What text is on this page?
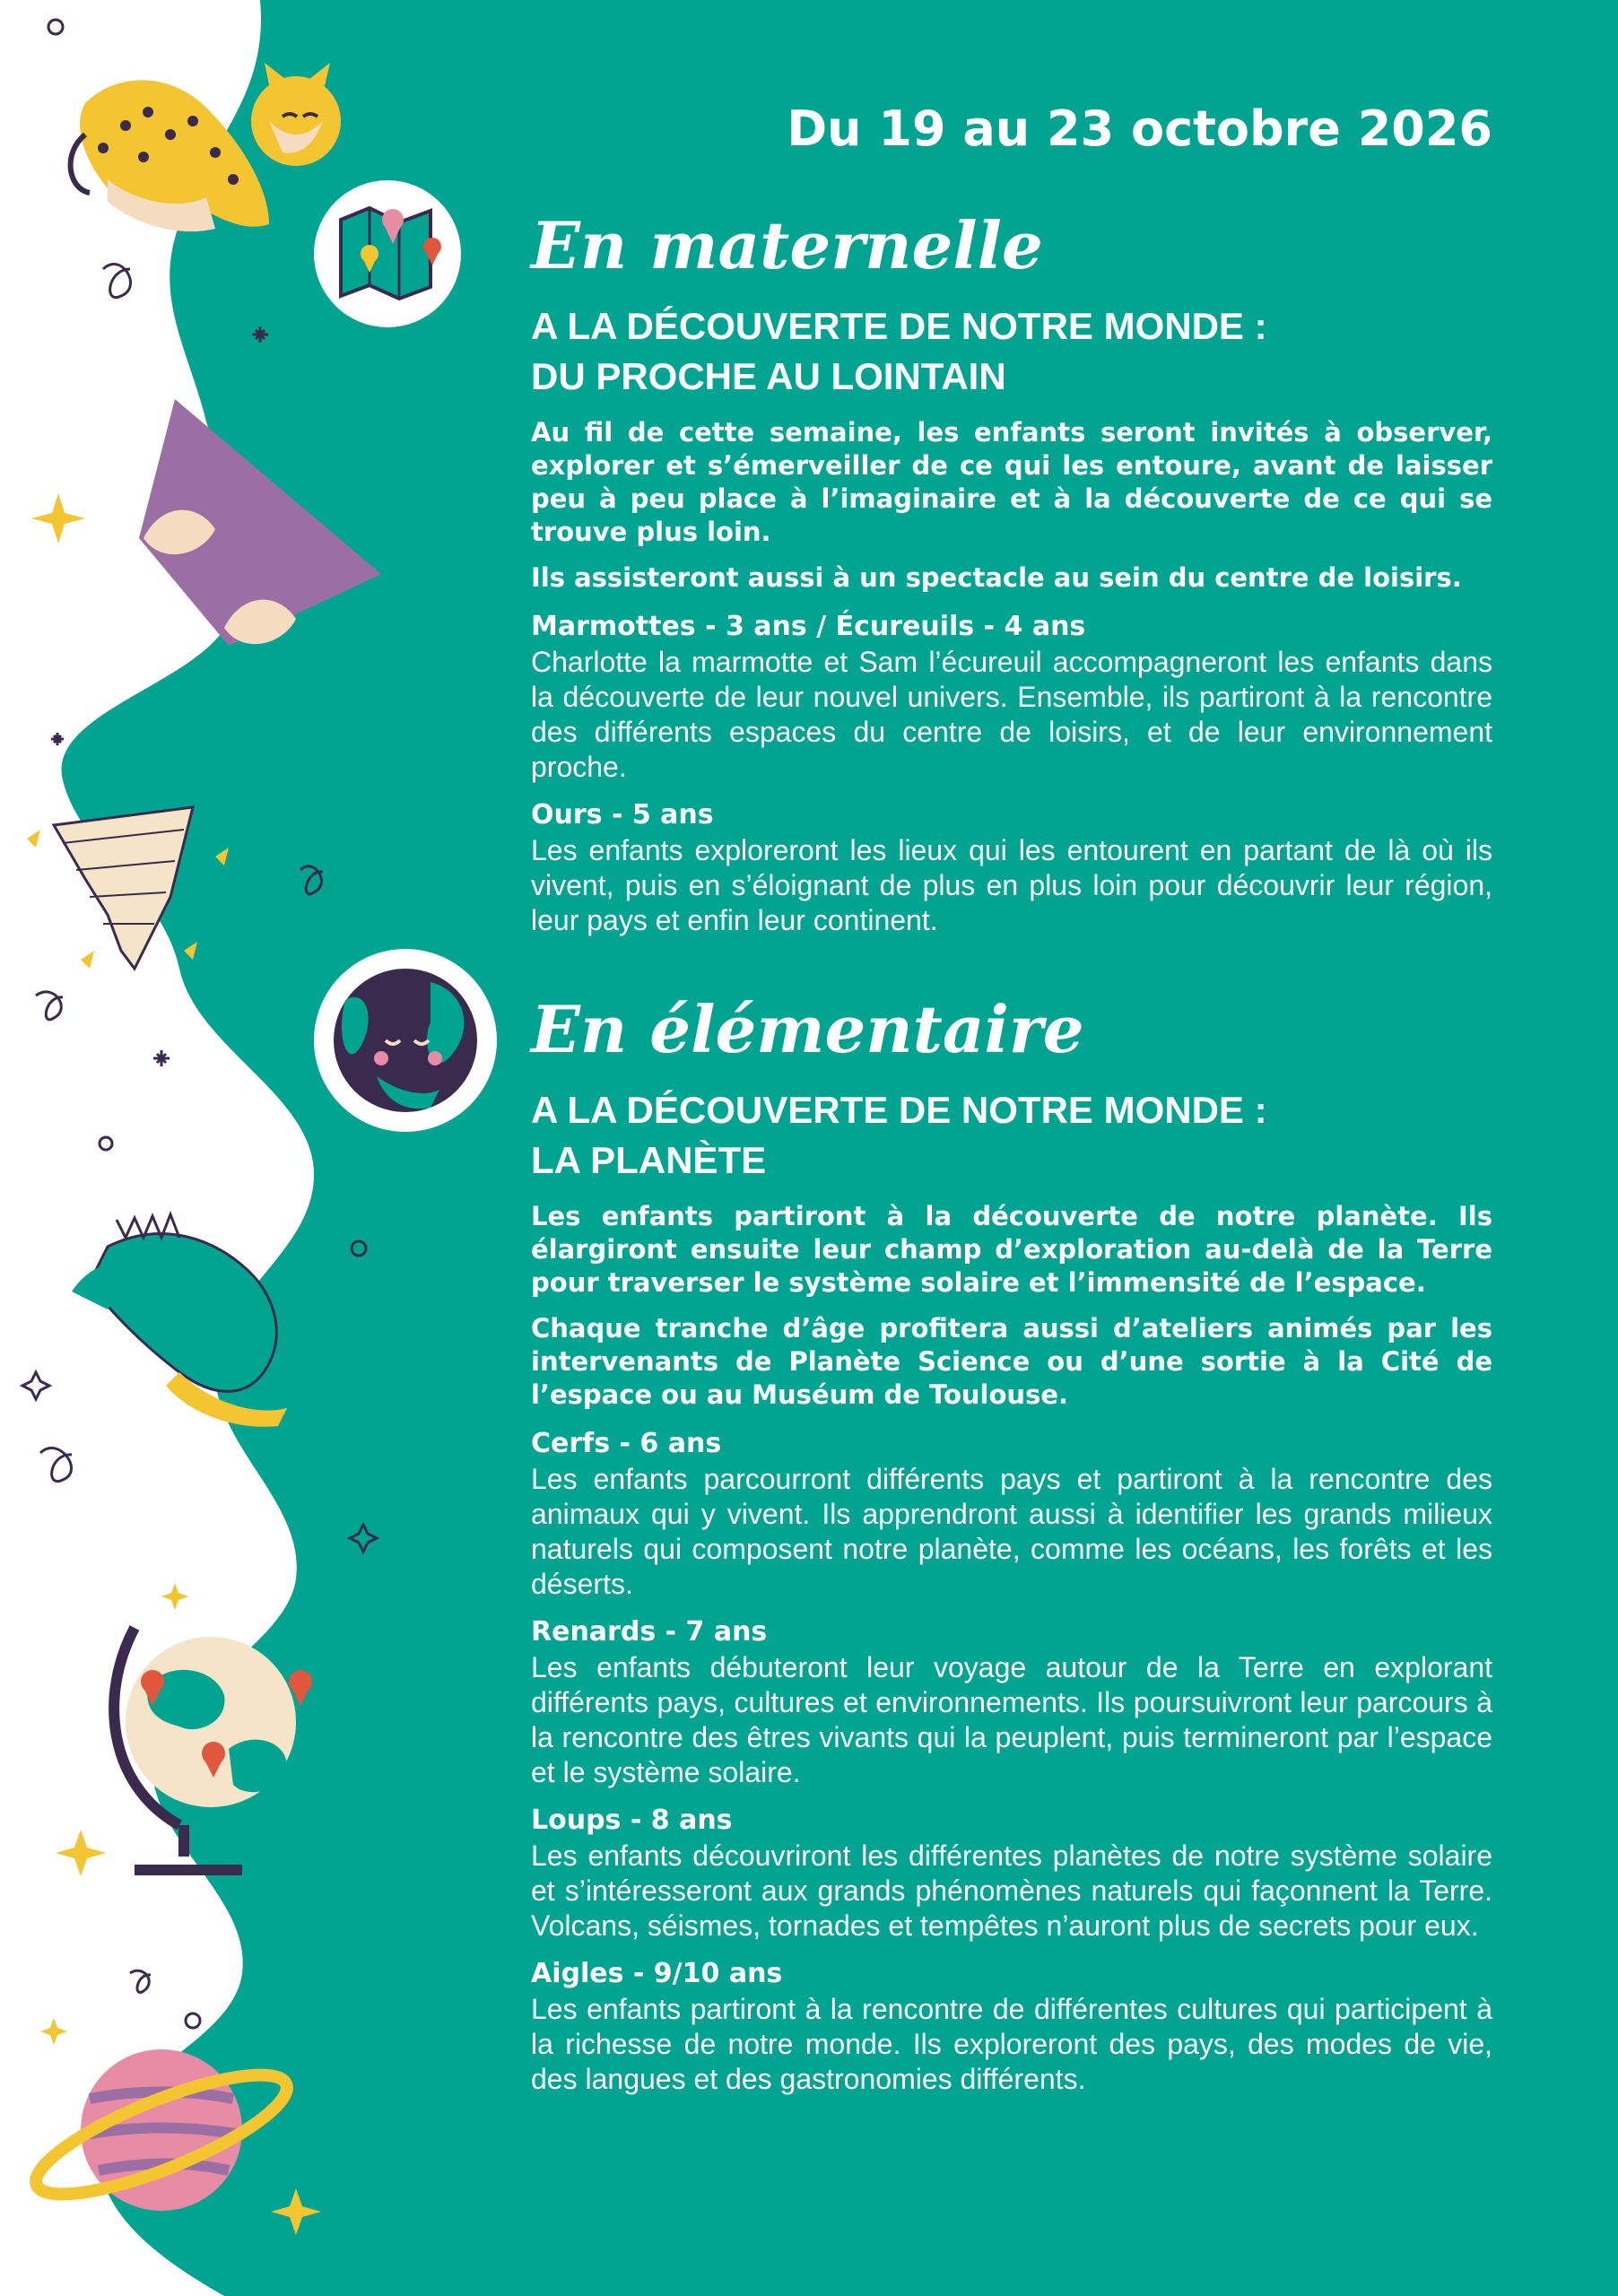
Du 19 au 23 octobre 2026
En maternelle
A LA DÉCOUVERTE DE NOTRE MONDE :
DU PROCHE AU LOINTAIN

Au fil de cette semaine, les enfants seront invités à observer, explorer et s’émerveiller de ce qui les entoure, avant de laisser peu à peu place à l’imaginaire et à la découverte de ce qui se trouve plus loin.

Ils assisteront aussi à un spectacle au sein du centre de loisirs.

Marmottes - 3 ans / Écureuils - 4 ans

Charlotte la marmotte et Sam l’écureuil accompagneront les enfants dans la découverte de leur nouvel univers. Ensemble, ils partiront à la rencontre des différents espaces du centre de loisirs, et de leur environnement proche.

Ours - 5 ans

Les enfants exploreront les lieux qui les entourent en partant de là où ils vivent, puis en s’éloignant de plus en plus loin pour découvrir leur région, leur pays et enfin leur continent.

En élémentaire
A LA DÉCOUVERTE DE NOTRE MONDE :
LA PLANÈTE

Les enfants partiront à la découverte de notre planète. Ils élargiront ensuite leur champ d’exploration au-delà de la Terre pour traverser le système solaire et l’immensité de l’espace.

Chaque tranche d’âge profitera aussi d’ateliers animés par les intervenants de Planète Science ou d’une sortie à la Cité de l’espace ou au Muséum de Toulouse.

Cerfs - 6 ans

Les enfants parcourront différents pays et partiront à la rencontre des animaux qui y vivent. Ils apprendront aussi à identifier les grands milieux naturels qui composent notre planète, comme les océans, les forêts et les déserts.

Renards - 7 ans

Les enfants débuteront leur voyage autour de la Terre en explorant différents pays, cultures et environnements. Ils poursuivront leur parcours à la rencontre des êtres vivants qui la peuplent, puis termineront par l’espace et le système solaire.

Loups - 8 ans

Les enfants découvriront les différentes planètes de notre système solaire et s’intéresseront aux grands phénomènes naturels qui façonnent la Terre. Volcans, séismes, tornades et tempêtes n’auront plus de secrets pour eux.

Aigles - 9/10 ans

Les enfants partiront à la rencontre de différentes cultures qui participent à la richesse de notre monde. Ils exploreront des pays, des modes de vie, des langues et des gastronomies différents.
